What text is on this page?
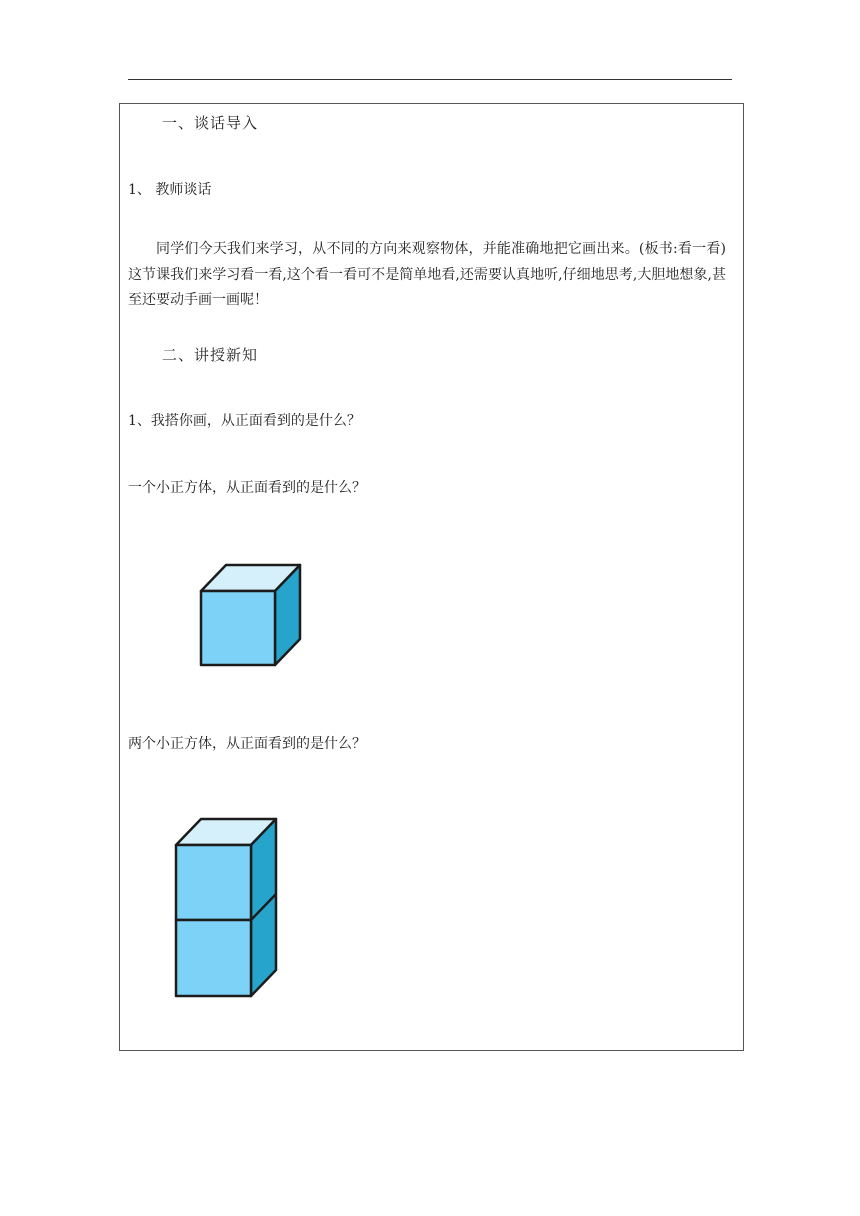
一、谈话导入
1、 教师谈话
同学们今天我们来学习，从不同的方向来观察物体，并能准确地把它画出来。(板书:看一看)这节课我们来学习看一看,这个看一看可不是简单地看,还需要认真地听,仔细地思考,大胆地想象,甚至还要动手画一画呢！
二、讲授新知
1、我搭你画，从正面看到的是什么？
一个小正方体，从正面看到的是什么？
两个小正方体，从正面看到的是什么？
